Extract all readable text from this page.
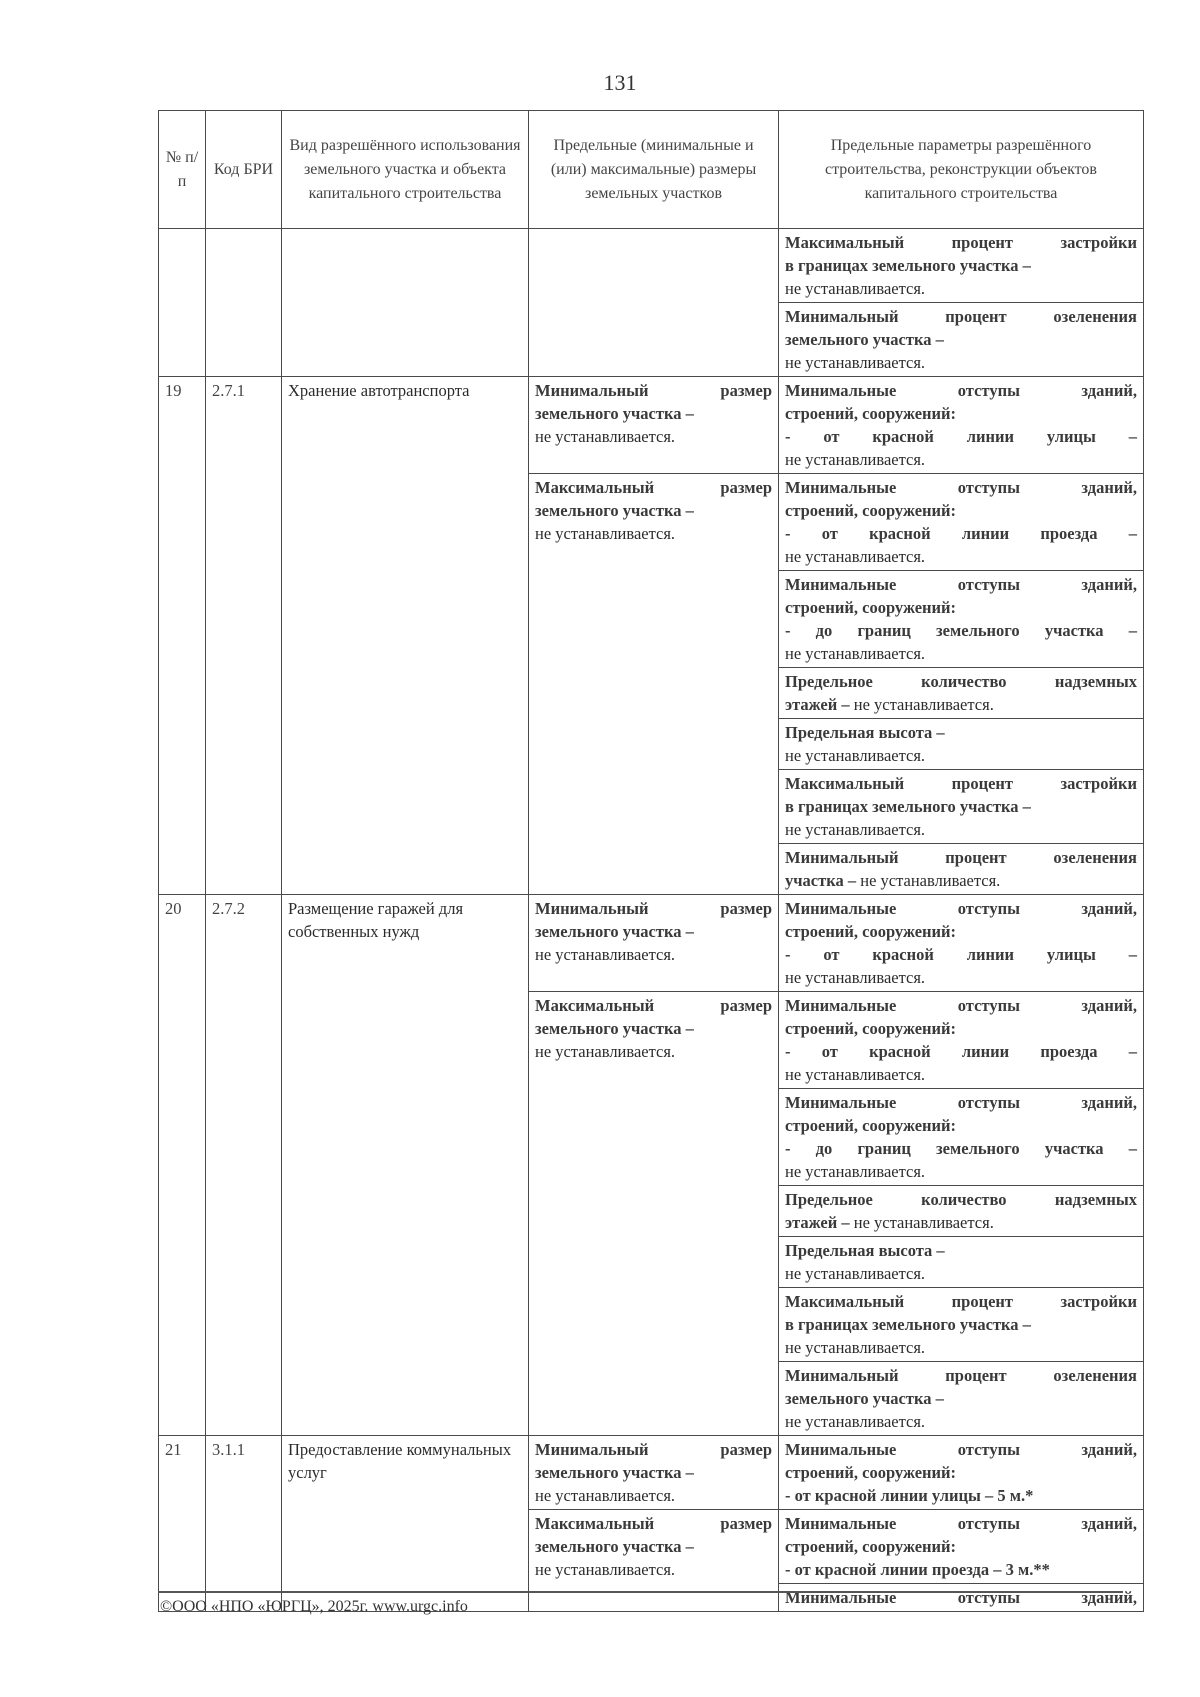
131
№ п/п	Код БРИ	Вид разрешённого использования земельного участка и объекта капитального строительства	Предельные (минимальные и (или) максимальные) размеры земельных участков	Предельные параметры разрешённого строительства, реконструкции объектов капитального строительства

				Максимальный процент застройки
в границах земельного участка –
не устанавливается.

				Минимальный процент озеленения
земельного участка –
не устанавливается.
19	2.7.1	Хранение автотранспорта	Минимальный размер
земельного участка –
не устанавливается.	Минимальные отступы зданий,
строений, сооружений:

- от красной линии улицы –
не устанавливается.

			Максимальный размер
земельного участка –
не устанавливается.	Минимальные отступы зданий,
строений, сооружений:

- от красной линии проезда –
не устанавливается.

				Минимальные отступы зданий,
строений, сооружений:

- до границ земельного участка –
не устанавливается.

				Предельное количество надземных
этажей – не устанавливается.
				Предельная высота –
не устанавливается.

				Максимальный процент застройки
в границах земельного участка –
не устанавливается.

				Минимальный процент озеленения
участка – не устанавливается.
20	2.7.2	Размещение гаражей для собственных нужд	Минимальный размер
земельного участка –
не устанавливается.	Минимальные отступы зданий,
строений, сооружений:

- от красной линии улицы –
не устанавливается.

			Максимальный размер
земельного участка –
не устанавливается.	Минимальные отступы зданий,
строений, сооружений:

- от красной линии проезда –
не устанавливается.

				Минимальные отступы зданий,
строений, сооружений:

- до границ земельного участка –
не устанавливается.

				Предельное количество надземных
этажей – не устанавливается.
				Предельная высота –
не устанавливается.

				Максимальный процент застройки
в границах земельного участка –
не устанавливается.

				Минимальный процент озеленения
земельного участка –
не устанавливается.
21	3.1.1	Предоставление коммунальных услуг	Минимальный размер
земельного участка –
не устанавливается.	Минимальные отступы зданий,
строений, сооружений:
- от красной линии улицы – 5 м.*

			Максимальный размер
земельного участка –
не устанавливается.	Минимальные отступы зданий,
строений, сооружений:
- от красной линии проезда – 3 м.**

				Минимальные отступы зданий,
©ООО «НПО «ЮРГЦ», 2025г. www.urgc.info
